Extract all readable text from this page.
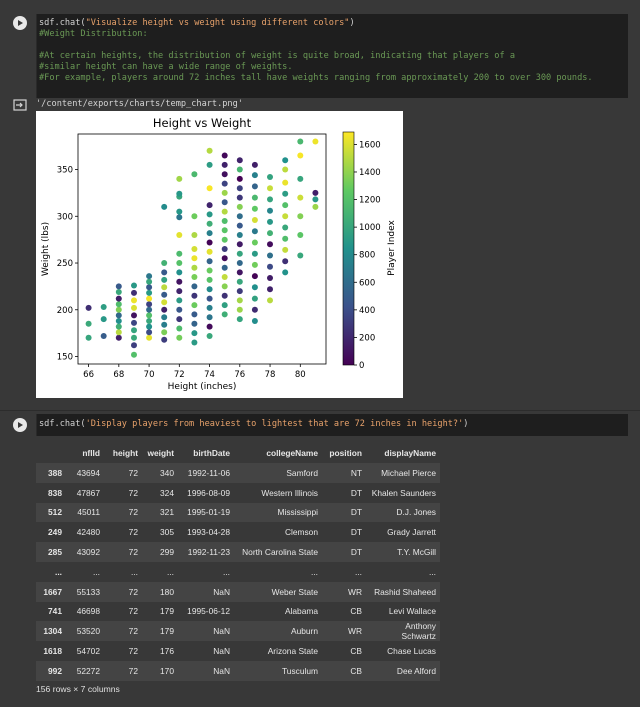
sdf.chat("Visualize height vs weight using different colors")
#Weight Distribution:

#At certain heights, the distribution of weight is quite broad, indicating that players of a
#similar height can have a wide range of weights.
#For example, players around 72 inches tall have weights ranging from approximately 200 to over 300 pounds.
'/content/exports/charts/temp_chart.png'
Height vs Weight
66 68 70 72 74 76 78 80
150
200
250
300
350
Height (inches)
Weight (lbs)
0
200
400
600
800
1000
1200
1400
1600
Player Index
sdf.chat('Display players from heaviest to lightest that are 72 inches in height?')
	nflId	height	weight	birthDate	collegeName	position	displayName
388	43694	72	340	1992-11-06	Samford	NT	Michael Pierce
838	47867	72	324	1996-08-09	Western Illinois	DT	Khalen Saunders
512	45011	72	321	1995-01-19	Mississippi	DT	D.J. Jones
249	42480	72	305	1993-04-28	Clemson	DT	Grady Jarrett
285	43092	72	299	1992-11-23	North Carolina State	DT	T.Y. McGill
...	...	...	...	...	...	...	...
1667	55133	72	180	NaN	Weber State	WR	Rashid Shaheed
741	46698	72	179	1995-06-12	Alabama	CB	Levi Wallace
1304	53520	72	179	NaN	Auburn	WR	Anthony Schwartz
1618	54702	72	176	NaN	Arizona State	CB	Chase Lucas
992	52272	72	170	NaN	Tusculum	CB	Dee Alford
156 rows × 7 columns
